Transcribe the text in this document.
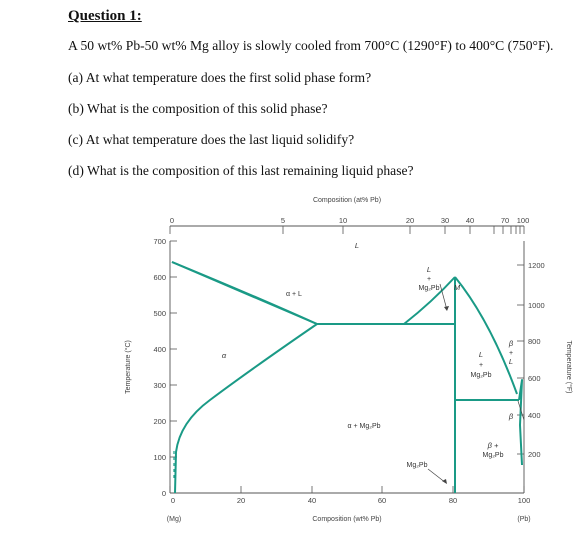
Question 1:
A 50 wt% Pb-50 wt% Mg alloy is slowly cooled from 700°C (1290°F) to 400°C (750°F).
(a) At what temperature does the first solid phase form?
(b) What is the composition of this solid phase?
(c) At what temperature does the last liquid solidify?
(d) What is the composition of this last remaining liquid phase?
Composition (at% Pb)
0	5	10	20	30 40	70 100
0
100
200
300
400
500
600
700
0	20	40	60	80	100
(Mg)	(Pb)
Composition (wt% Pb)
1200
1000
800
600
400
200
Temperature (°C)	Temperature (°F)
L
α + L
α
α + Mg₂Pb
L
+
Mg₂Pb M
L
+
Mg₂Pb
β +
Mg₂Pb
Mg₂Pb
β
β
+
L
